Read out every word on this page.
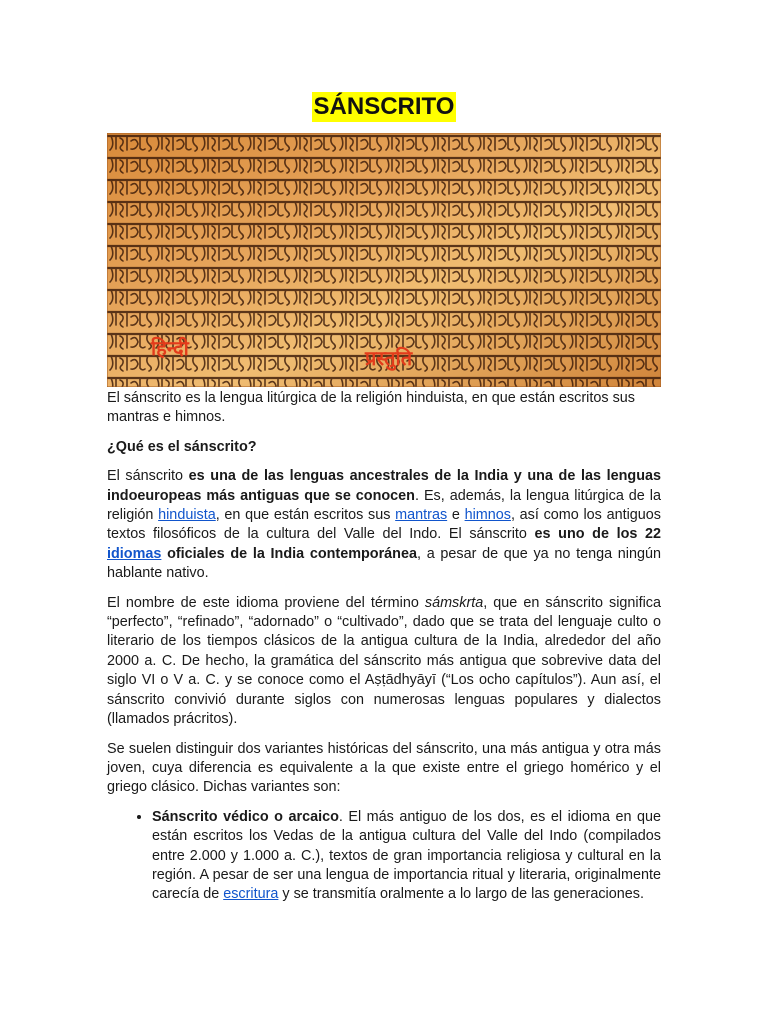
SÁNSCRITO
हिन्दी	प्रस्तुति

El sánscrito es la lengua litúrgica de la religión hinduista, en que están escritos sus mantras e himnos.

¿Qué es el sánscrito?

El sánscrito es una de las lenguas ancestrales de la India y una de las lenguas indoeuropeas más antiguas que se conocen. Es, además, la lengua litúrgica de la religión hinduista, en que están escritos sus mantras e himnos, así como los antiguos textos filosóficos de la cultura del Valle del Indo. El sánscrito es uno de los 22 idiomas oficiales de la India contemporánea, a pesar de que ya no tenga ningún hablante nativo.

El nombre de este idioma proviene del término sámskrta, que en sánscrito significa “perfecto”, “refinado”, “adornado” o “cultivado”, dado que se trata del lenguaje culto o literario de los tiempos clásicos de la antigua cultura de la India, alrededor del año 2000 a. C. De hecho, la gramática del sánscrito más antigua que sobrevive data del siglo VI o V a. C. y se conoce como el Aṣṭādhyāyī (“Los ocho capítulos”). Aun así, el sánscrito convivió durante siglos con numerosas lenguas populares y dialectos (llamados prácritos).

Se suelen distinguir dos variantes históricas del sánscrito, una más antigua y otra más joven, cuya diferencia es equivalente a la que existe entre el griego homérico y el griego clásico. Dichas variantes son:

• Sánscrito védico o arcaico. El más antiguo de los dos, es el idioma en que están escritos los Vedas de la antigua cultura del Valle del Indo (compilados entre 2.000 y 1.000 a. C.), textos de gran importancia religiosa y cultural en la región. A pesar de ser una lengua de importancia ritual y literaria, originalmente carecía de escritura y se transmitía oralmente a lo largo de las generaciones.
